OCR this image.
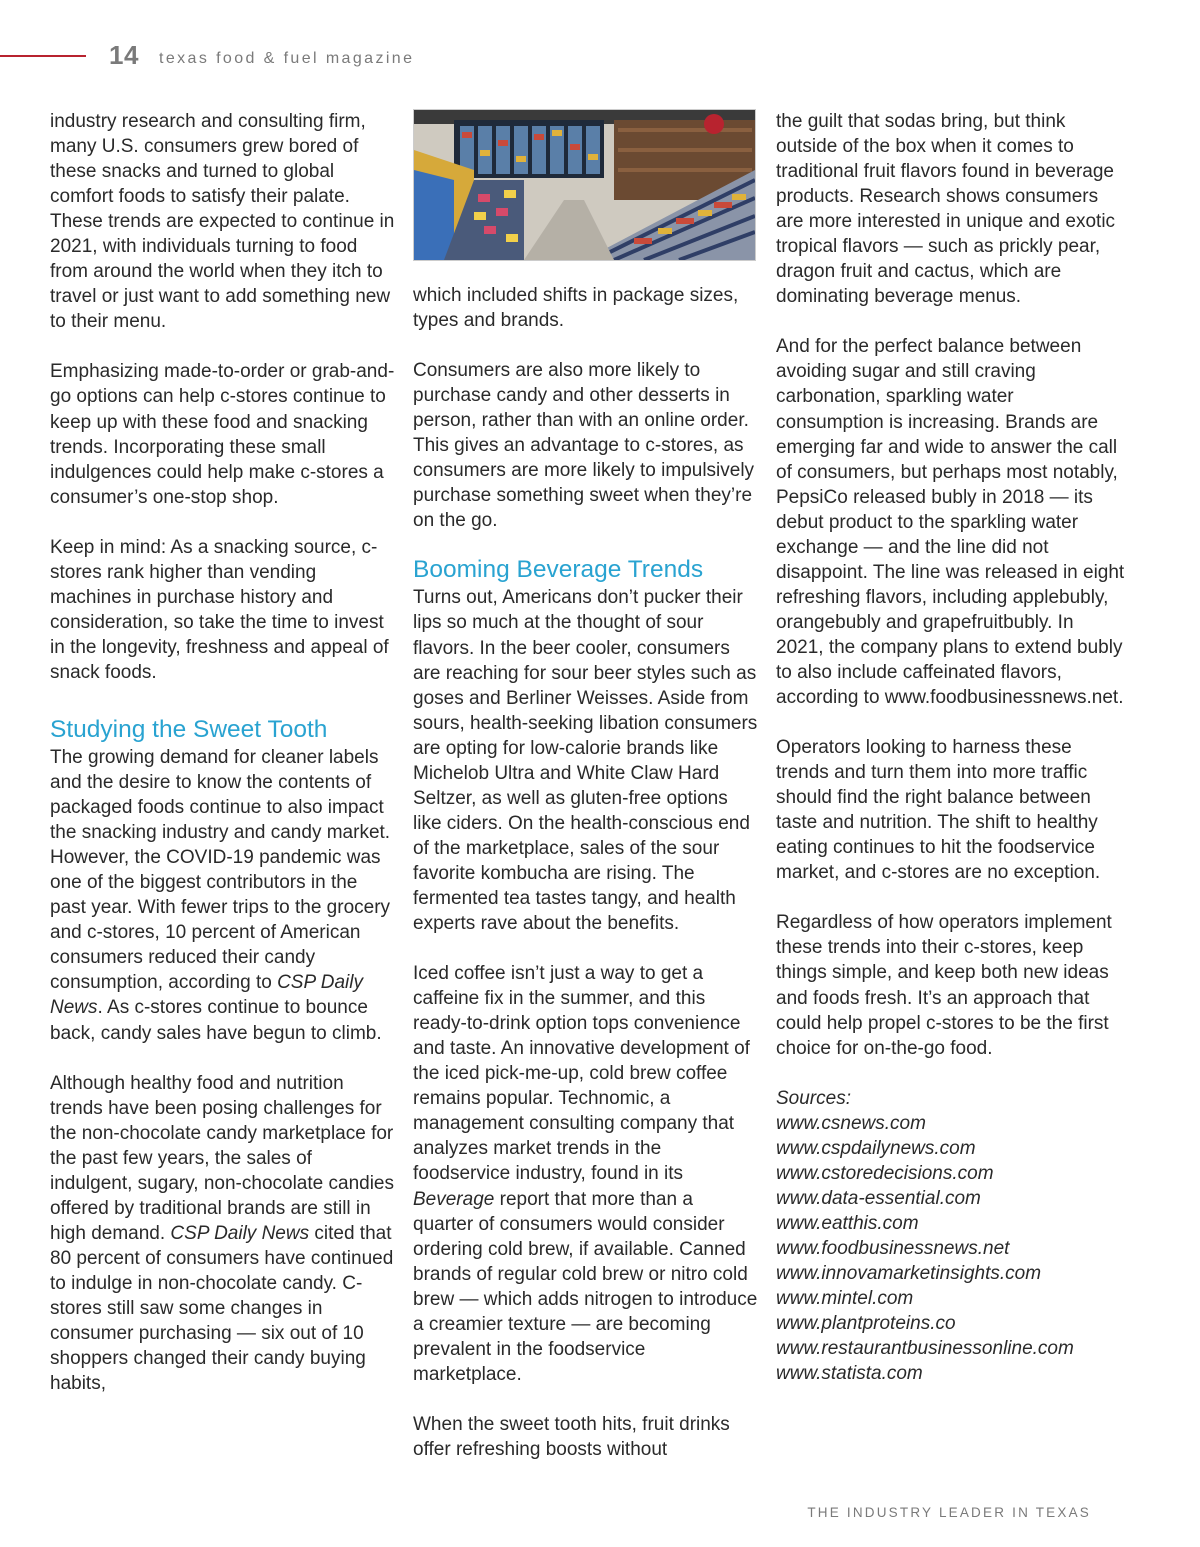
14 texas food & fuel magazine

industry research and consulting firm, many U.S. consumers grew bored of these snacks and turned to global comfort foods to satisfy their palate. These trends are expected to continue in 2021, with individuals turning to food from around the world when they itch to travel or just want to add something new to their menu.

Emphasizing made-to-order or grab-and-go options can help c-stores continue to keep up with these food and snacking trends. Incorporating these small indulgences could help make c-stores a consumer’s one-stop shop.

Keep in mind: As a snacking source, c-stores rank higher than vending machines in purchase history and consideration, so take the time to invest in the longevity, freshness and appeal of snack foods.

Studying the Sweet Tooth

The growing demand for cleaner labels and the desire to know the contents of packaged foods continue to also impact the snacking industry and candy market. However, the COVID-19 pandemic was one of the biggest contributors in the past year. With fewer trips to the grocery and c-stores, 10 percent of American consumers reduced their candy consumption, according to CSP Daily News. As c-stores continue to bounce back, candy sales have begun to climb.

Although healthy food and nutrition trends have been posing challenges for the non-chocolate candy marketplace for the past few years, the sales of indulgent, sugary, non-chocolate candies offered by traditional brands are still in high demand. CSP Daily News cited that 80 percent of consumers have continued to indulge in non-chocolate candy. C-stores still saw some changes in consumer purchasing — six out of 10 shoppers changed their candy buying habits,

which included shifts in package sizes, types and brands.

Consumers are also more likely to purchase candy and other desserts in person, rather than with an online order. This gives an advantage to c-stores, as consumers are more likely to impulsively purchase something sweet when they’re on the go.

Booming Beverage Trends

Turns out, Americans don’t pucker their lips so much at the thought of sour flavors. In the beer cooler, consumers are reaching for sour beer styles such as goses and Berliner Weisses. Aside from sours, health-seeking libation consumers are opting for low-calorie brands like Michelob Ultra and White Claw Hard Seltzer, as well as gluten-free options like ciders. On the health-conscious end of the marketplace, sales of the sour favorite kombucha are rising. The fermented tea tastes tangy, and health experts rave about the benefits.

Iced coffee isn’t just a way to get a caffeine fix in the summer, and this ready-to-drink option tops convenience and taste. An innovative development of the iced pick-me-up, cold brew coffee remains popular. Technomic, a management consulting company that analyzes market trends in the foodservice industry, found in its Beverage report that more than a quarter of consumers would consider ordering cold brew, if available. Canned brands of regular cold brew or nitro cold brew — which adds nitrogen to introduce a creamier texture — are becoming prevalent in the foodservice marketplace.

When the sweet tooth hits, fruit drinks offer refreshing boosts without

the guilt that sodas bring, but think outside of the box when it comes to traditional fruit flavors found in beverage products. Research shows consumers are more interested in unique and exotic tropical flavors — such as prickly pear, dragon fruit and cactus, which are dominating beverage menus.

And for the perfect balance between avoiding sugar and still craving carbonation, sparkling water consumption is increasing. Brands are emerging far and wide to answer the call of consumers, but perhaps most notably, PepsiCo released bubly in 2018 — its debut product to the sparkling water exchange — and the line did not disappoint. The line was released in eight refreshing flavors, including applebubly, orangebubly and grapefruitbubly. In 2021, the company plans to extend bubly to also include caffeinated flavors, according to www.foodbusinessnews.net.

Operators looking to harness these trends and turn them into more traffic should find the right balance between taste and nutrition. The shift to healthy eating continues to hit the foodservice market, and c-stores are no exception.

Regardless of how operators implement these trends into their c-stores, keep things simple, and keep both new ideas and foods fresh. It’s an approach that could help propel c-stores to be the first choice for on-the-go food.

Sources:
www.csnews.com
www.cspdailynews.com
www.cstoredecisions.com
www.data-essential.com
www.eatthis.com
www.foodbusinessnews.net
www.innovamarketinsights.com
www.mintel.com
www.plantproteins.co
www.restaurantbusinessonline.com
www.statista.com
THE INDUSTRY LEADER IN TEXAS
